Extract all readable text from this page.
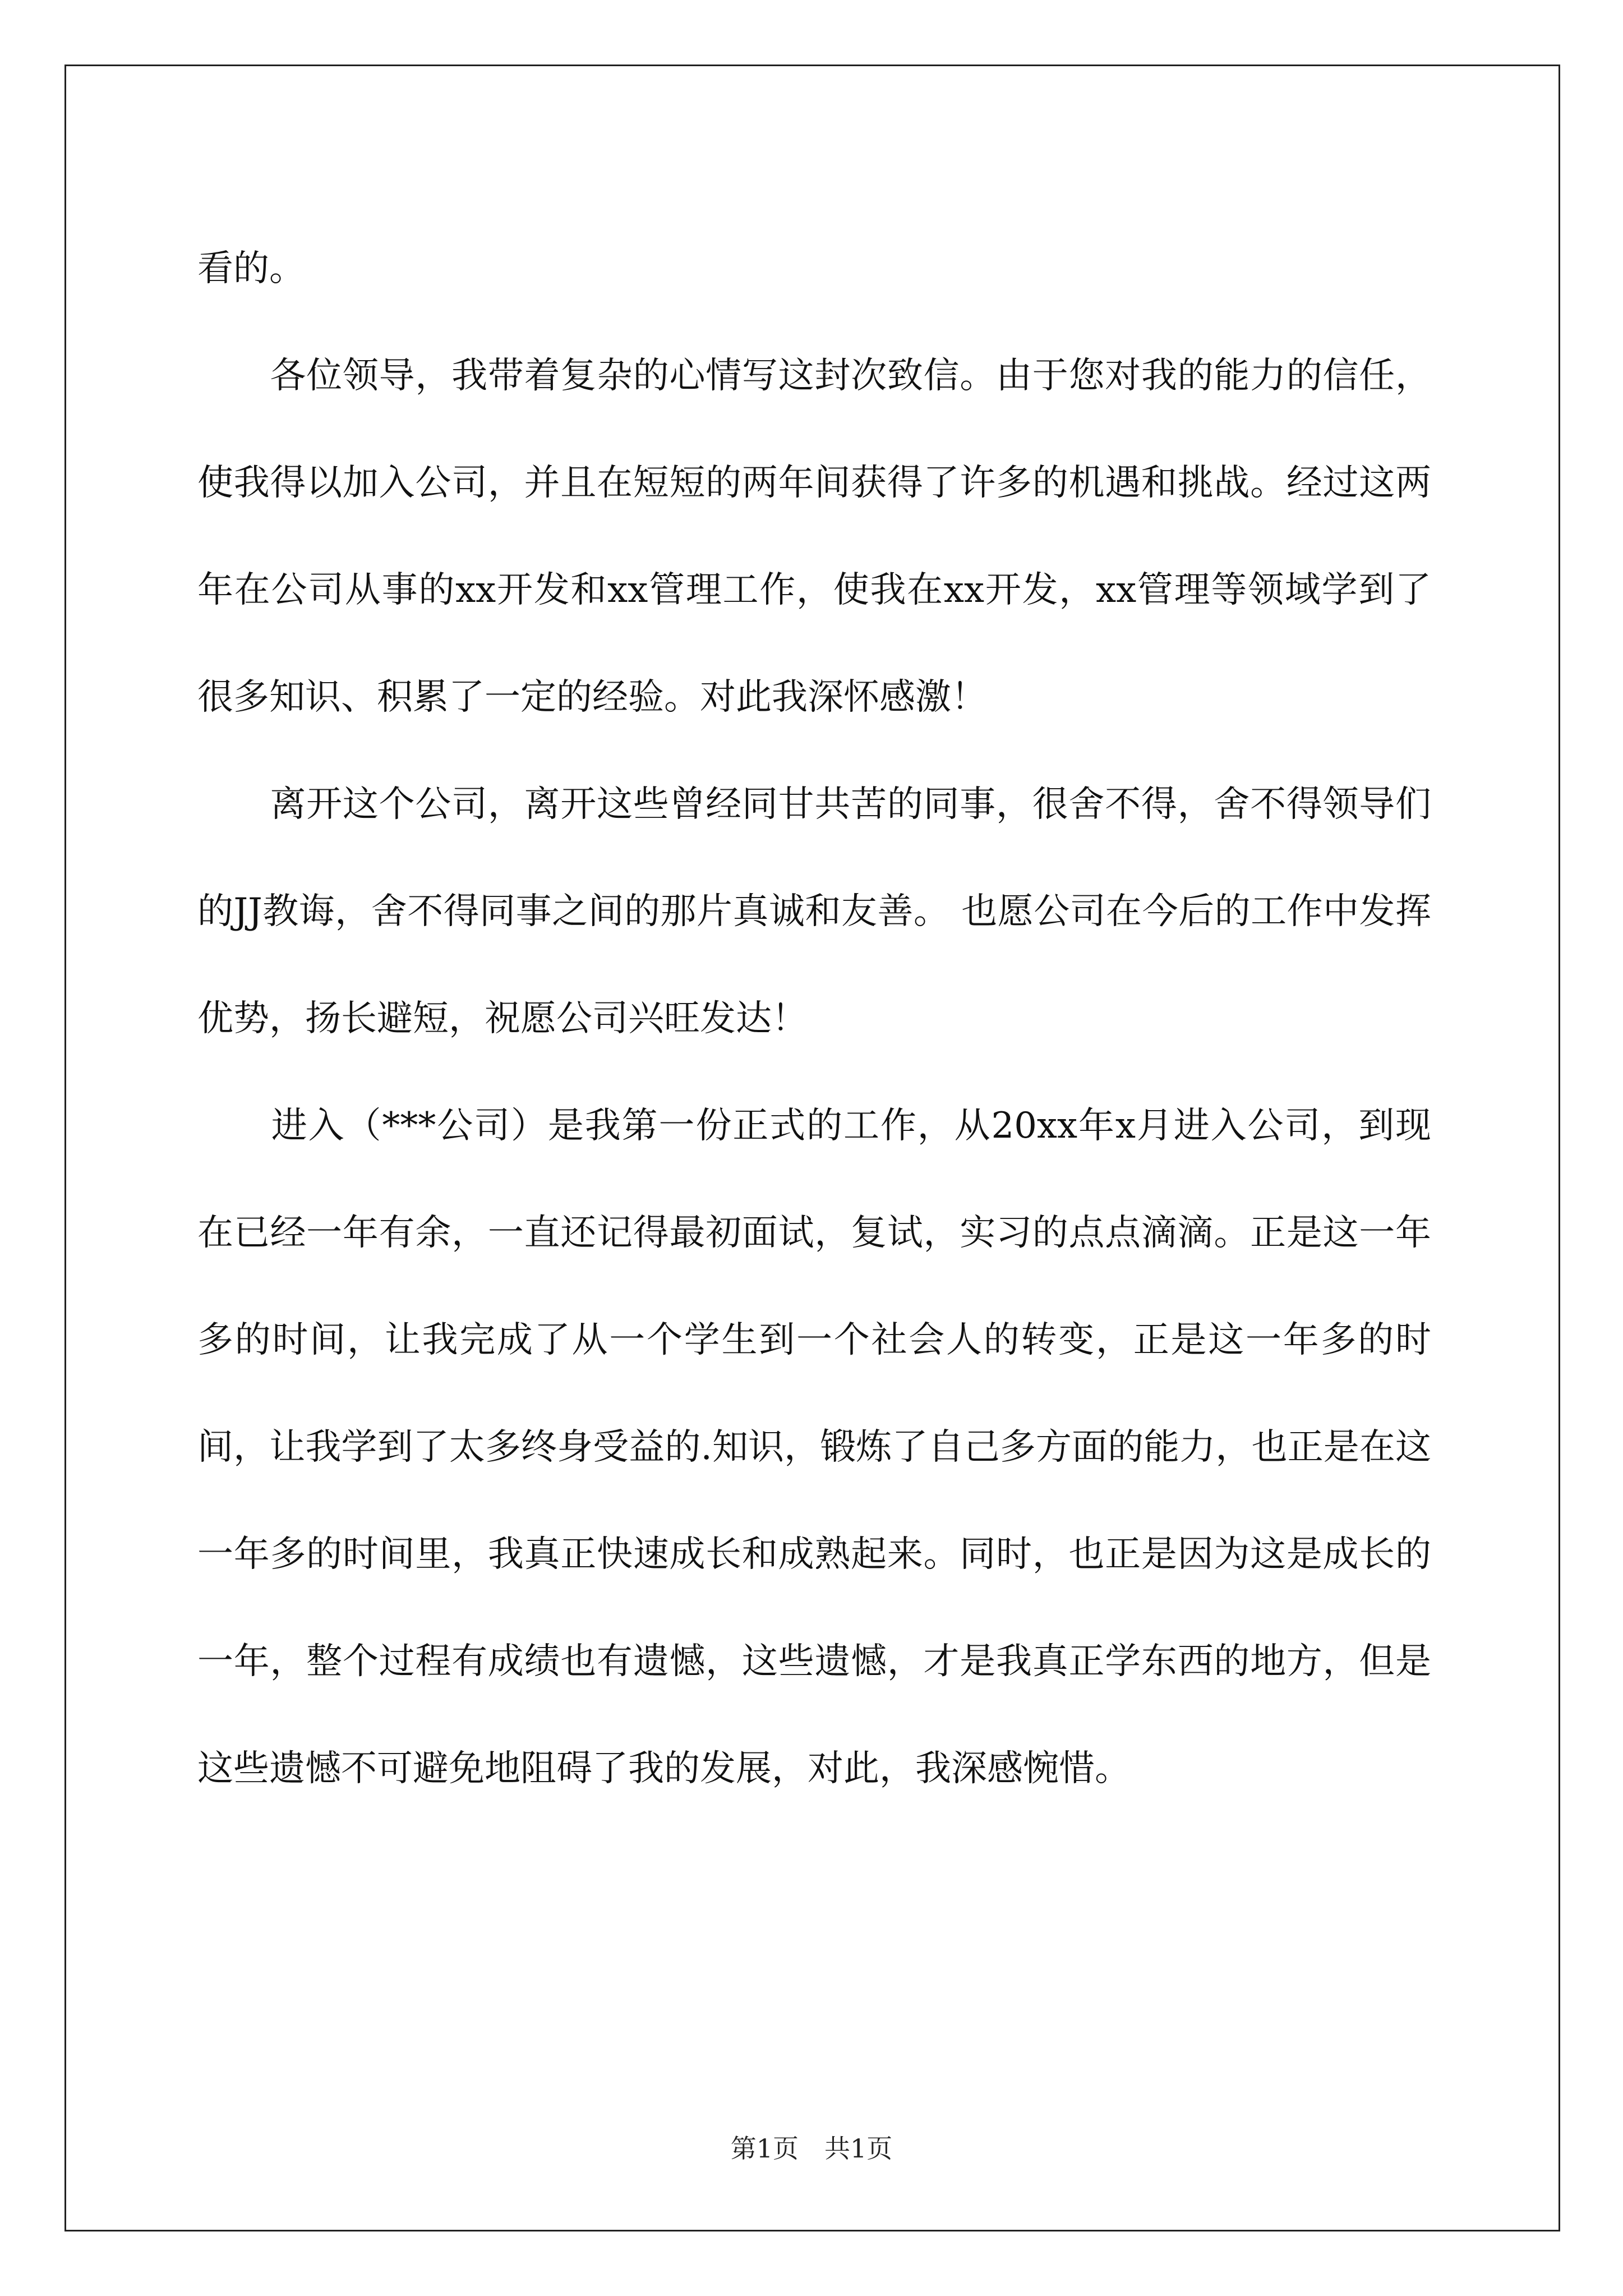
看的。

　　各位领导，我带着复杂的心情写这封次致信。由于您对我的能力的信任，使我得以加入公司，并且在短短的两年间获得了许多的机遇和挑战。经过这两年在公司从事的xx开发和xx管理工作，使我在xx开发，xx管理等领域学到了很多知识、积累了一定的经验。对此我深怀感激！

　　离开这个公司，离开这些曾经同甘共苦的同事，很舍不得，舍不得领导们的JJ教诲，舍不得同事之间的那片真诚和友善。 也愿公司在今后的工作中发挥优势，扬长避短，祝愿公司兴旺发达！

　　进入（***公司）是我第一份正式的工作，从20xx年x月进入公司，到现在已经一年有余，一直还记得最初面试，复试，实习的点点滴滴。正是这一年多的时间，让我完成了从一个学生到一个社会人的转变，正是这一年多的时间，让我学到了太多终身受益的.知识，锻炼了自己多方面的能力，也正是在这一年多的时间里，我真正快速成长和成熟起来。同时，也正是因为这是成长的一年，整个过程有成绩也有遗憾，这些遗憾，才是我真正学东西的地方，但是这些遗憾不可避免地阻碍了我的发展，对此，我深感惋惜。

第1页　共1页
